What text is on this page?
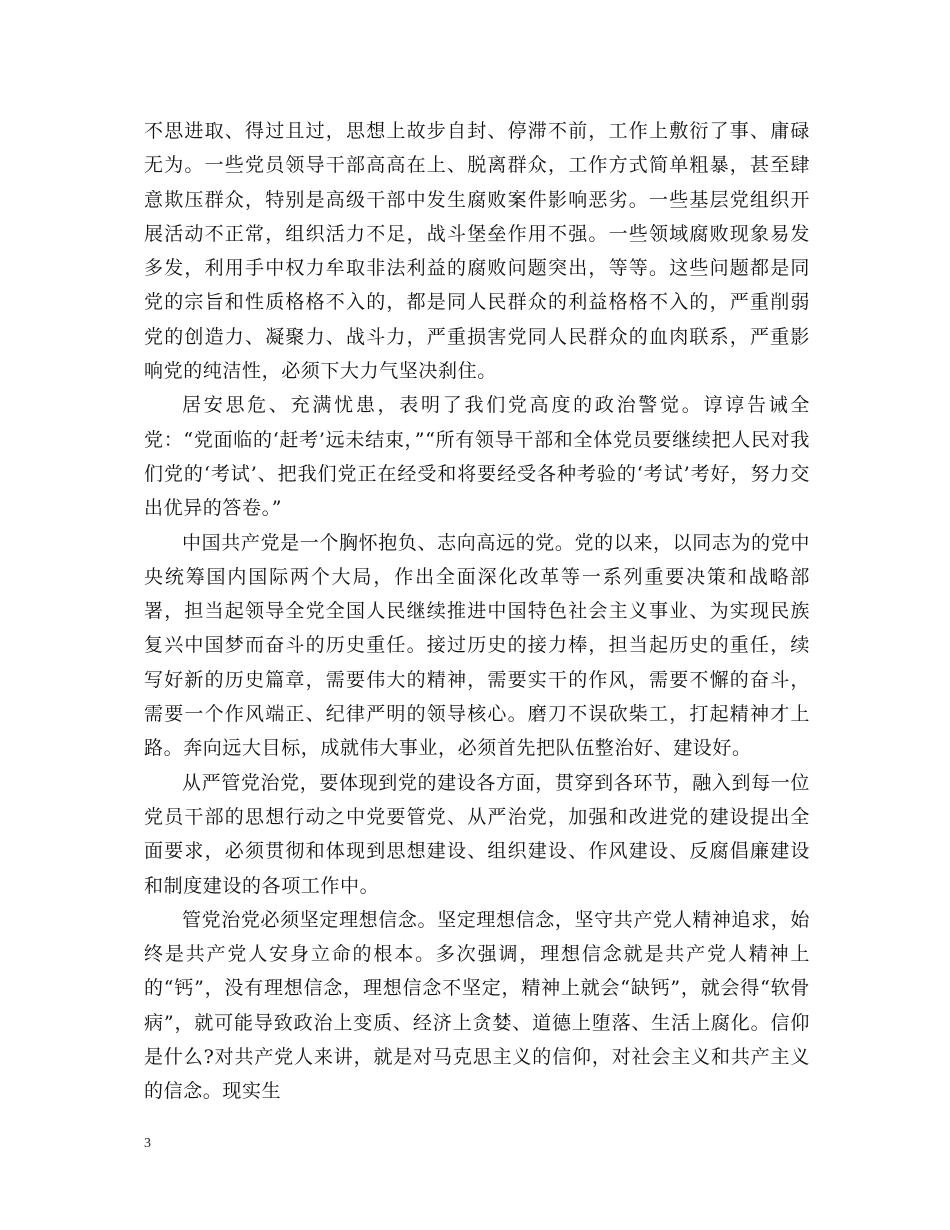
不思进取、得过且过，思想上故步自封、停滞不前，工作上敷衍了事、庸碌无为。一些党员领导干部高高在上、脱离群众，工作方式简单粗暴，甚至肆意欺压群众，特别是高级干部中发生腐败案件影响恶劣。一些基层党组织开展活动不正常，组织活力不足，战斗堡垒作用不强。一些领域腐败现象易发多发，利用手中权力牟取非法利益的腐败问题突出，等等。这些问题都是同党的宗旨和性质格格不入的，都是同人民群众的利益格格不入的，严重削弱党的创造力、凝聚力、战斗力，严重损害党同人民群众的血肉联系，严重影响党的纯洁性，必须下大力气坚决刹住。

居安思危、充满忧患，表明了我们党高度的政治警觉。谆谆告诫全党：“党面临的‘赶考’远未结束，”“所有领导干部和全体党员要继续把人民对我们党的‘考试’、把我们党正在经受和将要经受各种考验的‘考试’考好，努力交出优异的答卷。”

中国共产党是一个胸怀抱负、志向高远的党。党的以来，以同志为的党中央统筹国内国际两个大局，作出全面深化改革等一系列重要决策和战略部署，担当起领导全党全国人民继续推进中国特色社会主义事业、为实现民族复兴中国梦而奋斗的历史重任。接过历史的接力棒，担当起历史的重任，续写好新的历史篇章，需要伟大的精神，需要实干的作风，需要不懈的奋斗，需要一个作风端正、纪律严明的领导核心。磨刀不误砍柴工，打起精神才上路。奔向远大目标，成就伟大事业，必须首先把队伍整治好、建设好。

从严管党治党，要体现到党的建设各方面，贯穿到各环节，融入到每一位党员干部的思想行动之中党要管党、从严治党，加强和改进党的建设提出全面要求，必须贯彻和体现到思想建设、组织建设、作风建设、反腐倡廉建设和制度建设的各项工作中。

管党治党必须坚定理想信念。坚定理想信念，坚守共产党人精神追求，始终是共产党人安身立命的根本。多次强调，理想信念就是共产党人精神上的“钙”，没有理想信念，理想信念不坚定，精神上就会“缺钙”，就会得“软骨病”，就可能导致政治上变质、经济上贪婪、道德上堕落、生活上腐化。信仰是什么?对共产党人来讲，就是对马克思主义的信仰，对社会主义和共产主义的信念。现实生

3
